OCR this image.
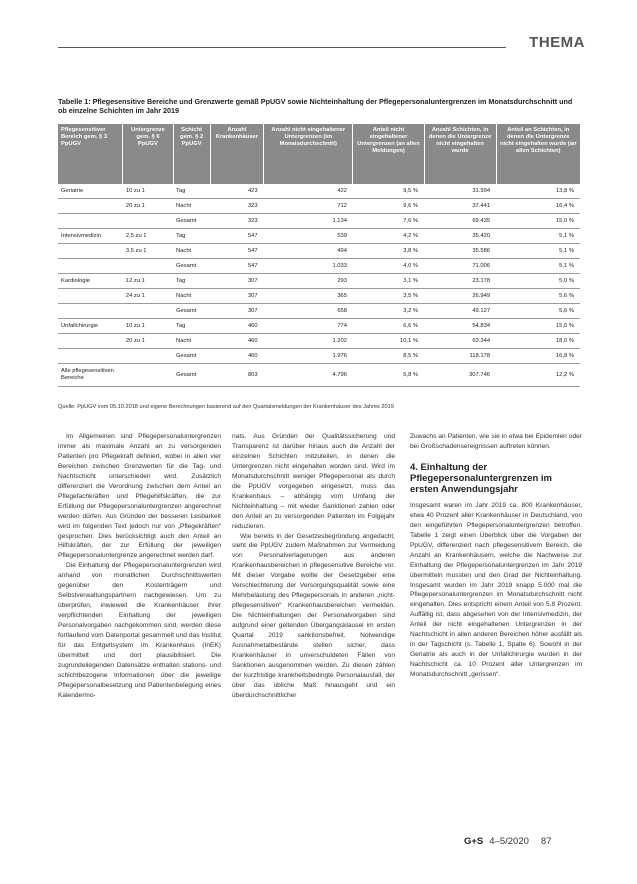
THEMA
Tabelle 1: Pflegesensitive Bereiche und Grenzwerte gemäß PpUGV sowie Nichteinhaltung der Pflegepersonaluntergrenzen im Monatsdurchschnitt und ob einzelne Schichten im Jahr 2019
Pflegesensitiver Bereich gem. § 3 PpUGV	Untergrenze gem. § 6 PpUGV	Schicht gem. § 2 PpUGV	Anzahl Krankenhäuser	Anzahl nicht eingehaltener Untergrenzen (im Monatsdurchschnitt)	Anteil nicht eingehaltener Untergrenzen (an allen Meldungen)	Anzahl Schichten, in denen die Untergrenze nicht eingehalten wurde	Anteil an Schichten, in denen die Untergrenze nicht eingehalten wurde (an allen Schichten)
Geriatrie	10 zu 1	Tag	423	422	9,5 %	31.994	13,8 %
	20 zu 1	Nacht	323	712	9,6 %	37.441	16,4 %
		Gesamt	323	1.134	7,6 %	69.435	15,0 %
Intensivmedizin	2,5 zu 1	Tag	547	539	4,2 %	35.420	5,1 %
	3,5 zu 1	Nacht	547	494	3,8 %	35.586	5,1 %
		Gesamt	547	1.033	4,0 %	71.006	5,1 %
Kardiologie	12 zu 1	Tag	307	293	3,1 %	23.178	5,0 %
	24 zu 1	Nacht	307	365	3,5 %	26.949	5,6 %
		Gesamt	307	658	3,2 %	49.127	5,6 %
Unfallchirurgie	10 zu 1	Tag	460	774	6,6 %	54.834	15,6 %
	20 zu 1	Nacht	460	1.202	10,1 %	63.344	18,0 %
		Gesamt	460	1.976	8,5 %	118.178	16,8 %
Alle pflegesensitiven Bereiche		Gesamt	803	4.796	5,8 %	307.746	12,2 %
Quelle: PpUGV vom 05.10.2018 und eigene Berechnungen basierend auf den Quartalsmeldungen der Krankenhäuser des Jahres 2019

Im Allgemeinen sind Pflegepersonaluntergrenzen immer als maximale Anzahl an zu versorgenden Patienten pro Pflegekraft definiert, wobei in allen vier Bereichen zwischen Grenzwerten für die Tag- und Nachtschicht unterschieden wird. Zusätzlich differenziert die Verordnung zwischen dem Anteil an Pflegefachkräften und Pflegehilfskräften, die zur Erfüllung der Pflegepersonaluntergrenzen angerechnet werden dürfen. Aus Gründen der besseren Lesbarkeit wird im folgenden Text jedoch nur von „Pflegekräften“ gesprochen. Dies berücksichtigt auch den Anteil an Hilfskräften, der zur Erfüllung der jeweiligen Pflegepersonaluntergrenze angerechnet werden darf.

Die Einhaltung der Pflegepersonaluntergrenzen wird anhand von monatlichen Durchschnittswerten gegenüber den Kostenträgern und Selbstverwaltungspartnern nachgewiesen. Um zu überprüfen, inwieweit die Krankenhäuser ihrer verpflichtenden Einhaltung der jeweiligen Personalvorgaben nachgekommen sind, werden diese fortlaufend vom Datenportal gesammelt und das Institut für das Entgeltsystem im Krankenhaus (InEK) übermittelt und dort plausibilisiert. Die zugrundeliegenden Datensätze enthalten stations- und schichtbezogene Informationen über die jeweilige Pflegepersonalbesetzung und Patientenbelegung eines Kalendermo-

nats. Aus Gründen der Qualitätssicherung und Transparenz ist darüber hinaus auch die Anzahl der einzelnen Schichten mitzuteilen, in denen die Untergrenzen nicht eingehalten worden sind. Wird im Monatsdurchschnitt weniger Pflegepersonal als durch die PpUGV vorgegeben eingesetzt, muss das Krankenhaus – abhängig vom Umfang der Nichteinhaltung – mit wieder Sanktionen zahlen oder den Anteil an zu versorgenden Patienten im Folgejahr reduzieren.

Wie bereits in der Gesetzesbegründung angedacht, sieht die PpUGV zudem Maßnahmen zur Vermeidung von Personalverlagerungen aus anderen Krankenhausbereichen in pflegesensitive Bereiche vor. Mit dieser Vorgabe wollte der Gesetzgeber eine Verschlechterung der Versorgungsqualität sowie eine Mehrbelastung des Pflegepersonals in anderen „nicht-pflegesensitiven“ Krankenhausbereichen vermeiden. Die Nichteinhaltungen der Personalvorgaben sind aufgrund einer geltenden Übergangsklausel im ersten Quartal 2019 sanktionsbefreit. Notwendige Ausnahmetatbestände stellen sicher, dass Krankenhäuser in unverschuldeten Fällen von Sanktionen ausgenommen werden. Zu diesen zählen der kurzfristige krankheitsbedingte Personalausfall, der über das übliche Maß hinausgeht und ein überdurchschnittlicher

Zuwachs an Patienten, wie sie in etwa bei Epidemien oder bei Großschadensereignissen auftreten können.

4. Einhaltung der Pflegepersonaluntergrenzen im ersten Anwendungsjahr

Insgesamt waren im Jahr 2019 ca. 800 Krankenhäuser, etwa 40 Prozent aller Krankenhäuser in Deutschland, von den eingeführten Pflegepersonaluntergrenzen betroffen. Tabelle 1 zeigt einen Überblick über die Vorgaben der PpUGV, differenziert nach pflegesensitivem Bereich, die Anzahl an Krankenhäusern, welche die Nachweise zur Einhaltung der Pflegepersonaluntergrenzen im Jahr 2019 übermitteln mussten und den Grad der Nichteinhaltung. Insgesamt wurden im Jahr 2019 knapp 5.000 mal die Pflegepersonaluntergrenzen im Monatsdurchschnitt nicht eingehalten. Dies entspricht einem Anteil von 5,8 Prozent. Auffällig ist, dass abgesehen von der Intensivmedizin, der Anteil der nicht eingehaltenen Untergrenzen in der Nachtschicht in allen anderen Bereichen höher ausfällt als in der Tagschicht (s. Tabelle 1, Spalte 6). Sowohl in der Geriatrie als auch in der Unfallchirurgie wurden in der Nachtschicht ca. 10 Prozent aller Untergrenzen im Monatsdurchschnitt „gerissen“.

G+S 4–5/2020 87
